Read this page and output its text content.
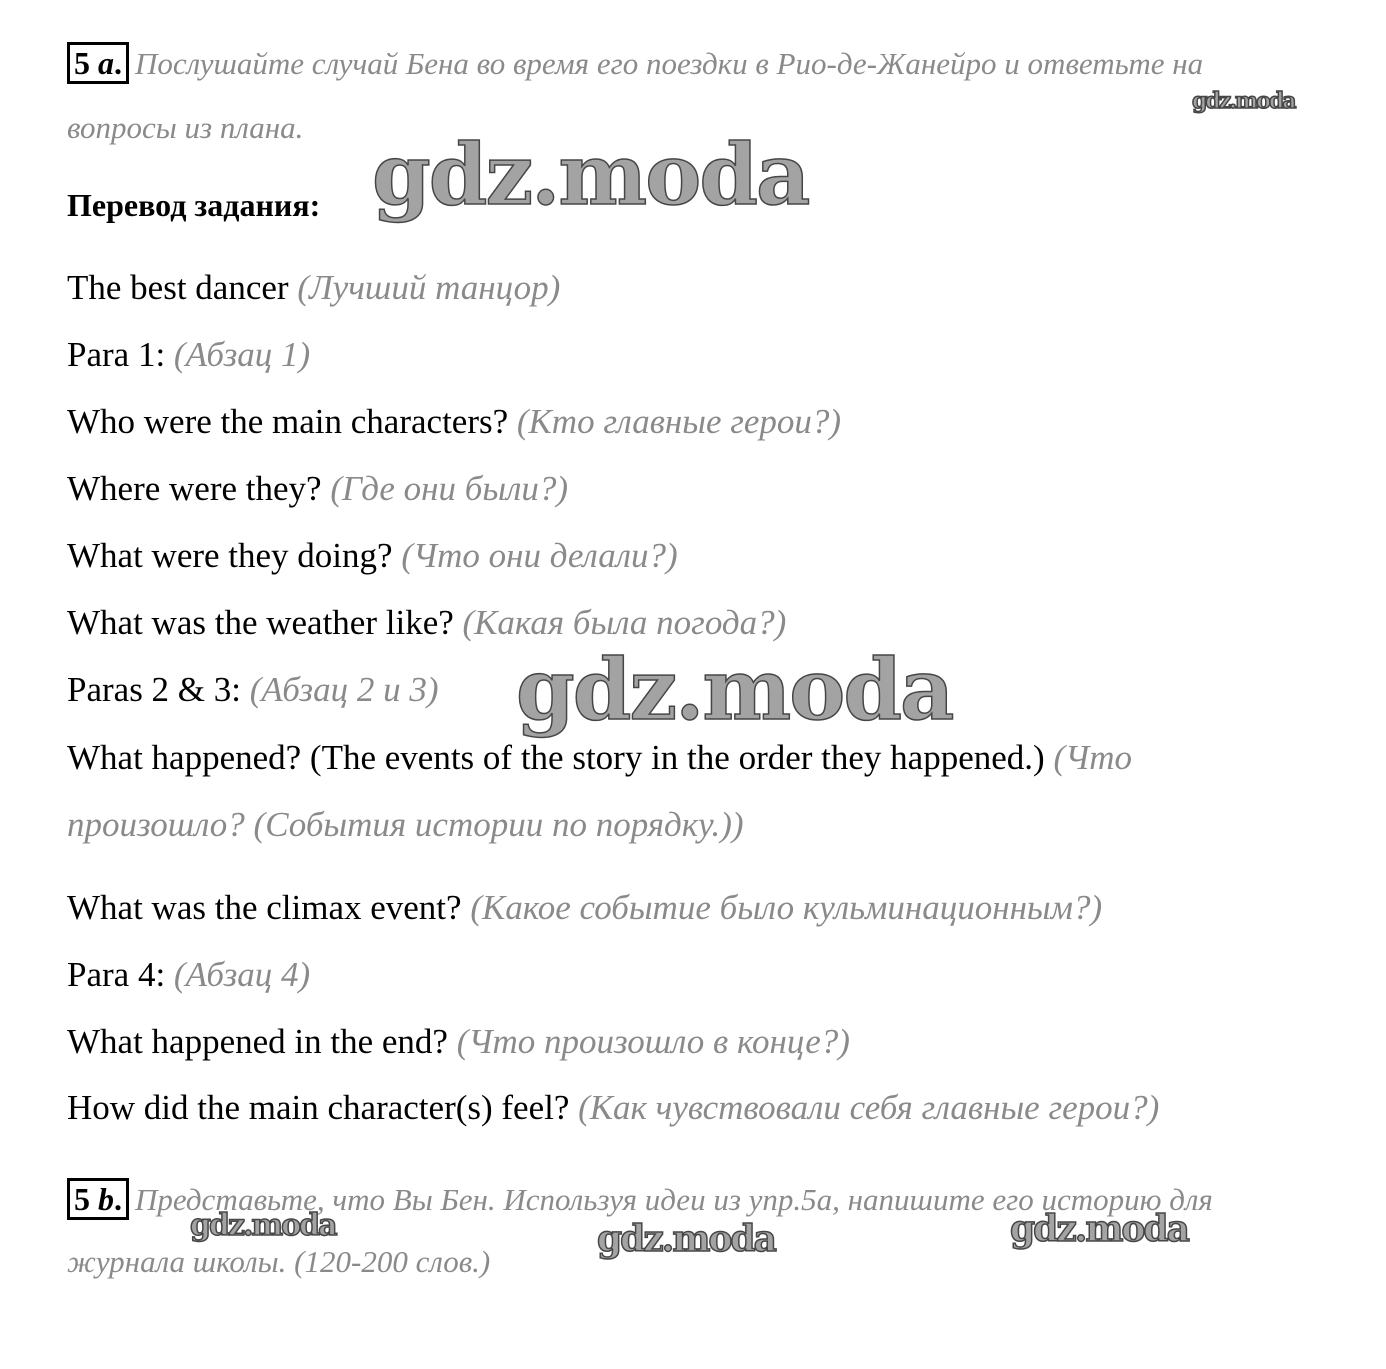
5 a. Послушайте случай Бена во время его поездки в Рио-де-Жанейро и ответьте на
вопросы из плана.
Перевод задания:
The best dancer (Лучший танцор)
Para 1: (Абзац 1)
Who were the main characters? (Кто главные герои?)
Where were they? (Где они были?)
What were they doing? (Что они делали?)
What was the weather like? (Какая была погода?)
Paras 2 & 3: (Абзац 2 и 3)
What happened? (The events of the story in the order they happened.) (Что
произошло? (События истории по порядку.))
What was the climax event? (Какое событие было кульминационным?)
Para 4: (Абзац 4)
What happened in the end? (Что произошло в конце?)
How did the main character(s) feel? (Как чувствовали себя главные герои?)
5 b. Представьте, что Вы Бен. Используя идеи из упр.5а, напишите его историю для
журнала школы. (120-200 слов.)
gdz.moda
gdz.moda
gdz.moda
gdz.moda	gdz.moda	gdz.moda
